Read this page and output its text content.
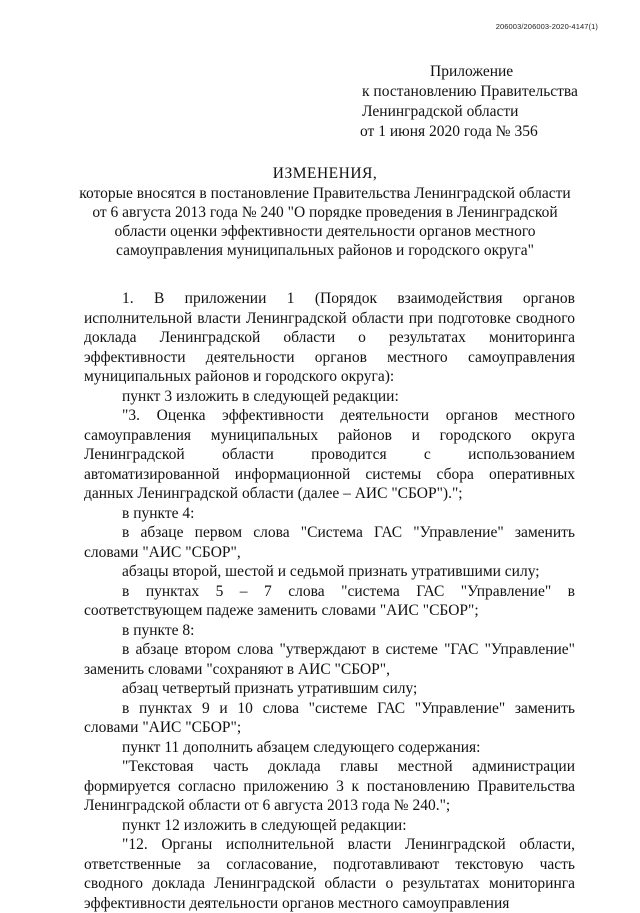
206003/206003-2020-4147(1)
Приложение
к постановлению Правительства
Ленинградской области
от 1 июня 2020 года № 356
ИЗМЕНЕНИЯ,
которые вносятся в постановление Правительства Ленинградской области
от 6 августа 2013 года № 240 "О порядке проведения в Ленинградской
области оценки эффективности деятельности органов местного
самоуправления муниципальных районов и городского округа"
1. В приложении 1 (Порядок взаимодействия органов исполнительной власти Ленинградской области при подготовке сводного доклада Ленинградской области о результатах мониторинга эффективности деятельности органов местного самоуправления муниципальных районов и городского округа):
пункт 3 изложить в следующей редакции:
"3. Оценка эффективности деятельности органов местного самоуправления муниципальных районов и городского округа Ленинградской области проводится с использованием автоматизированной информационной системы сбора оперативных данных Ленинградской области (далее – АИС "СБОР").";
в пункте 4:
в абзаце первом слова "Система ГАС "Управление" заменить словами "АИС "СБОР",
абзацы второй, шестой и седьмой признать утратившими силу;
в пунктах 5 – 7 слова "система ГАС "Управление" в соответствующем падеже заменить словами "АИС "СБОР";
в пункте 8:
в абзаце втором слова "утверждают в системе "ГАС "Управление" заменить словами "сохраняют в АИС "СБОР",
абзац четвертый признать утратившим силу;
в пунктах 9 и 10 слова "системе ГАС "Управление" заменить словами "АИС "СБОР";
пункт 11 дополнить абзацем следующего содержания:
"Текстовая часть доклада главы местной администрации формируется согласно приложению 3 к постановлению Правительства Ленинградской области от 6 августа 2013 года № 240.";
пункт 12 изложить в следующей редакции:
"12. Органы исполнительной власти Ленинградской области, ответственные за согласование, подготавливают текстовую часть сводного доклада Ленинградской области о результатах мониторинга эффективности деятельности органов местного самоуправления
